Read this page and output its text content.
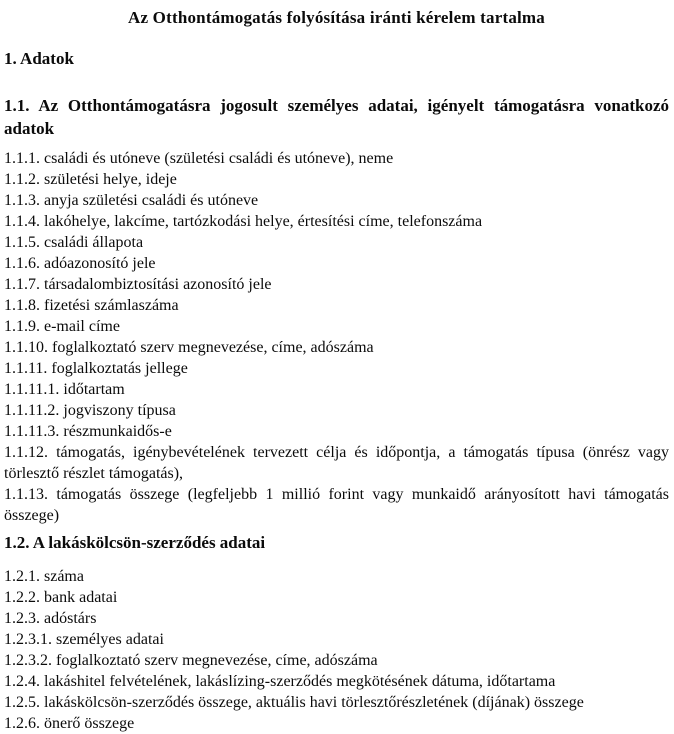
Az Otthontámogatás folyósítása iránti kérelem tartalma
1. Adatok
1.1. Az Otthontámogatásra jogosult személyes adatai, igényelt támogatásra vonatkozó adatok

1.1.1. családi és utóneve (születési családi és utóneve), neme

1.1.2. születési helye, ideje

1.1.3. anyja születési családi és utóneve

1.1.4. lakóhelye, lakcíme, tartózkodási helye, értesítési címe, telefonszáma

1.1.5. családi állapota

1.1.6. adóazonosító jele

1.1.7. társadalombiztosítási azonosító jele

1.1.8. fizetési számlaszáma

1.1.9. e-mail címe

1.1.10. foglalkoztató szerv megnevezése, címe, adószáma

1.1.11. foglalkoztatás jellege

1.1.11.1. időtartam

1.1.11.2. jogviszony típusa

1.1.11.3. részmunkaidős-e

1.1.12. támogatás, igénybevételének tervezett célja és időpontja, a támogatás típusa (önrész vagy törlesztő részlet támogatás),

1.1.13. támogatás összege (legfeljebb 1 millió forint vagy munkaidő arányosított havi támogatás összege)

1.2. A lakáskölcsön-szerződés adatai

1.2.1. száma

1.2.2. bank adatai

1.2.3. adóstárs

1.2.3.1. személyes adatai

1.2.3.2. foglalkoztató szerv megnevezése, címe, adószáma

1.2.4. lakáshitel felvételének, lakáslízing-szerződés megkötésének dátuma, időtartama

1.2.5. lakáskölcsön-szerződés összege, aktuális havi törlesztőrészletének (díjának) összege

1.2.6. önerő összege
